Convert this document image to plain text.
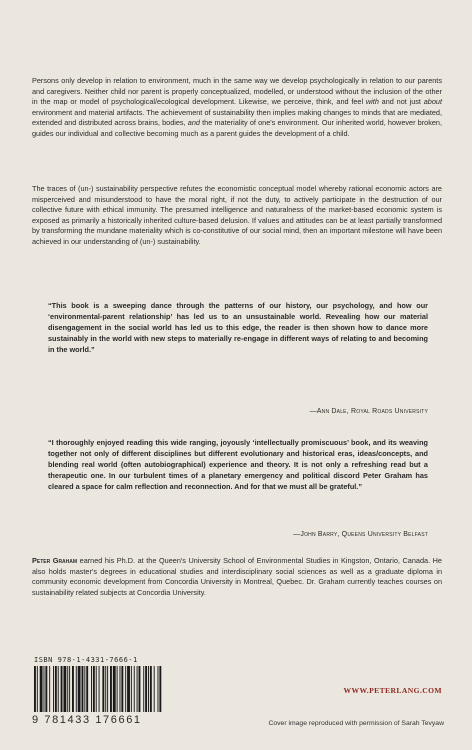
Persons only develop in relation to environment, much in the same way we develop psychologically in relation to our parents and caregivers. Neither child nor parent is properly conceptualized, modelled, or understood without the inclusion of the other in the map or model of psychological/ecological development. Likewise, we perceive, think, and feel with and not just about environment and material artifacts. The achievement of sustainability then implies making changes to minds that are mediated, extended and distributed across brains, bodies, and the materiality of one's environment. Our inherited world, however broken, guides our individual and collective becoming much as a parent guides the development of a child.
The traces of (un-) sustainability perspective refutes the economistic conceptual model whereby rational economic actors are misperceived and misunderstood to have the moral right, if not the duty, to actively participate in the destruction of our collective future with ethical immunity. The presumed intelligence and naturalness of the market-based economic system is exposed as primarily a historically inherited culture-based delusion. If values and attitudes can be at least partially transformed by transforming the mundane materiality which is co-constitutive of our social mind, then an important milestone will have been achieved in our understanding of (un-) sustainability.
“This book is a sweeping dance through the patterns of our history, our psychology, and how our ‘environmental-parent relationship’ has led us to an unsustainable world. Revealing how our material disengagement in the social world has led us to this edge, the reader is then shown how to dance more sustainably in the world with new steps to materially re-engage in different ways of relating to and becoming in the world.”
—Ann Dale, Royal Roads University
“I thoroughly enjoyed reading this wide ranging, joyously ‘intellectually promiscuous’ book, and its weaving together not only of different disciplines but different evolutionary and historical eras, ideas/concepts, and blending real world (often autobiographical) experience and theory. It is not only a refreshing read but a therapeutic one. In our turbulent times of a planetary emergency and political discord Peter Graham has cleared a space for calm reflection and reconnection. And for that we must all be grateful.”
—John Barry, Queens University Belfast
Peter Graham earned his Ph.D. at the Queen's University School of Environmental Studies in Kingston, Ontario, Canada. He also holds master's degrees in educational studies and interdisciplinary social sciences as well as a graduate diploma in community economic development from Concordia University in Montreal, Quebec. Dr. Graham currently teaches courses on sustainability related subjects at Concordia University.
ISBN 978-1-4331-7666-1
9 781433 176661
WWW.PETERLANG.COM
Cover image reproduced with permission of Sarah Tevyaw
